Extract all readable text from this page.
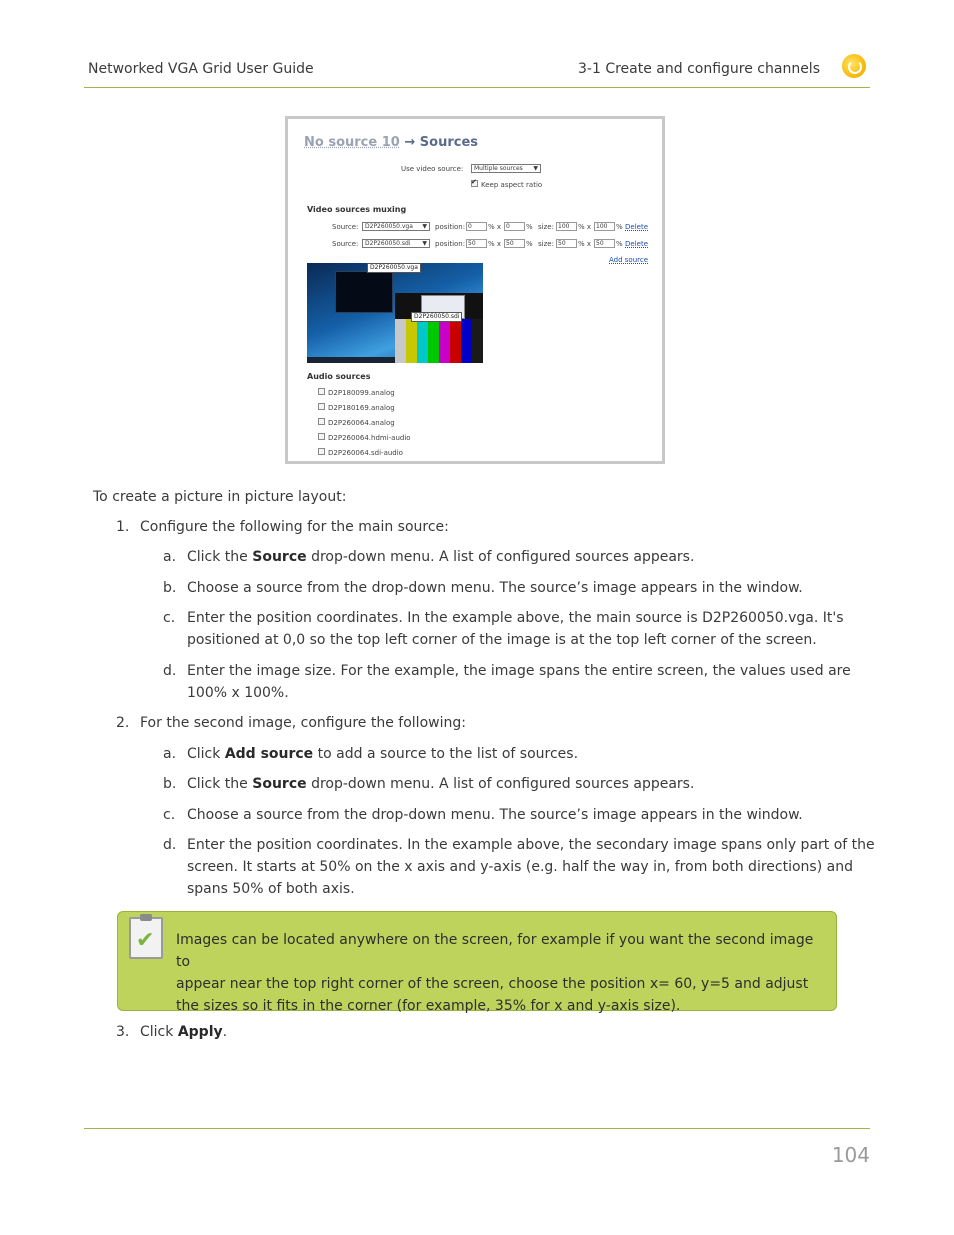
Networked VGA Grid User Guide	3-1 Create and configure channels
No source 10 → Sources
Use video source:	Multiple sources ▼
✔
Keep aspect ratio
Video sources muxing
Source:	D2P260050.vga ▼ position: 0	% x 0	% size: 100	% x 100	% Delete
Source:	D2P260050.sdi ▼ position: 50	% x 50	% size: 50	% x 50	% Delete
Add source
D2P260050.vga
D2P260050.sdi
Audio sources
D2P180099.analog
D2P180169.analog
D2P260064.analog
D2P260064.hdmi-audio
D2P260064.sdi-audio
To create a picture in picture layout:
1. Configure the following for the main source:
a. Click the Source drop-down menu. A list of configured sources appears.
b. Choose a source from the drop-down menu. The source’s image appears in the window.
c. Enter the position coordinates. In the example above, the main source is D2P260050.vga. It's
positioned at 0,0 so the top left corner of the image is at the top left corner of the screen.
d. Enter the image size. For the example, the image spans the entire screen, the values used are
100% x 100%.
2. For the second image, configure the following:
a. Click Add source to add a source to the list of sources.
b. Click the Source drop-down menu. A list of configured sources appears.
c. Choose a source from the drop-down menu. The source’s image appears in the window.
d. Enter the position coordinates. In the example above, the secondary image spans only part of the
screen. It starts at 50% on the x axis and y-axis (e.g. half the way in, from both directions) and
spans 50% of both axis.
✔ Images can be located anywhere on the screen, for example if you want the second image to
appear near the top right corner of the screen, choose the position x= 60, y=5 and adjust
the sizes so it fits in the corner (for example, 35% for x and y-axis size).
3. Click Apply.
104
